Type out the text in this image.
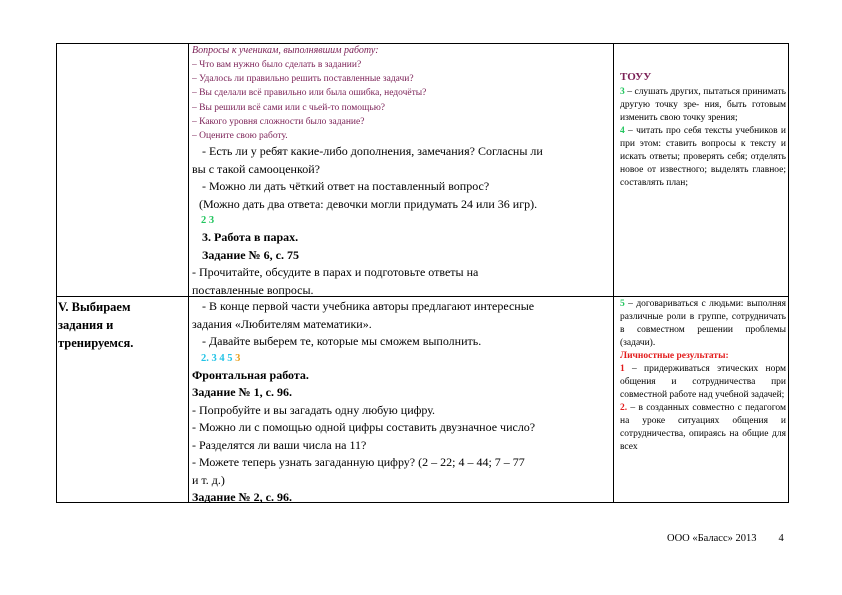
Вопросы к ученикам, выполнявшим работу:
– Что вам нужно было сделать в задании?
– Удалось ли правильно решить поставленные задачи?
– Вы сделали всё правильно или была ошибка, недочёты?
– Вы решили всё сами или с чьей-то помощью?
– Какого уровня сложности было задание?
– Оцените свою работу.
- Есть ли у ребят какие-либо дополнения, замечания? Согласны ли
вы с такой самооценкой?
- Можно ли дать чёткий ответ на поставленный вопрос?
(Можно дать два ответа: девочки могли придумать 24 или 36 игр).
2 3
3. Работа в парах.
Задание № 6, с. 75
- Прочитайте, обсудите в парах и подготовьте ответы на
поставленные вопросы.
ТОУУ
3 – слушать других, пытаться принимать другую точку зре- ния, быть готовым изменить свою точку зрения;
4 – читать про себя тексты учебников и при этом: ставить вопросы к тексту и искать ответы; проверять себя; отделять новое от известного; выделять главное; составлять план;
V. Выбираем
задания и
тренируемся.
- В конце первой части учебника авторы предлагают интересные
задания «Любителям математики».
- Давайте выберем те, которые мы сможем выполнить.
2. 3 4 5 3
Фронтальная работа.
Задание № 1, с. 96.
- Попробуйте и вы загадать одну любую цифру.
- Можно ли с помощью одной цифры составить двузначное число?
- Разделятся ли ваши числа на 11?
- Можете теперь узнать загаданную цифру? (2 – 22; 4 – 44; 7 – 77
и т. д.)
Задание № 2, с. 96.
5 – договариваться с людьми: выполняя различные роли в группе, сотрудничать в совместном решении проблемы (задачи).
Личностные результаты:
1 – придерживаться этических норм общения и сотрудничества при совместной работе над учебной задачей;
2. – в созданных совместно с педагогом на уроке ситуациях общения и сотрудничества, опираясь на общие для всех
ООО «Баласс» 2013 4
